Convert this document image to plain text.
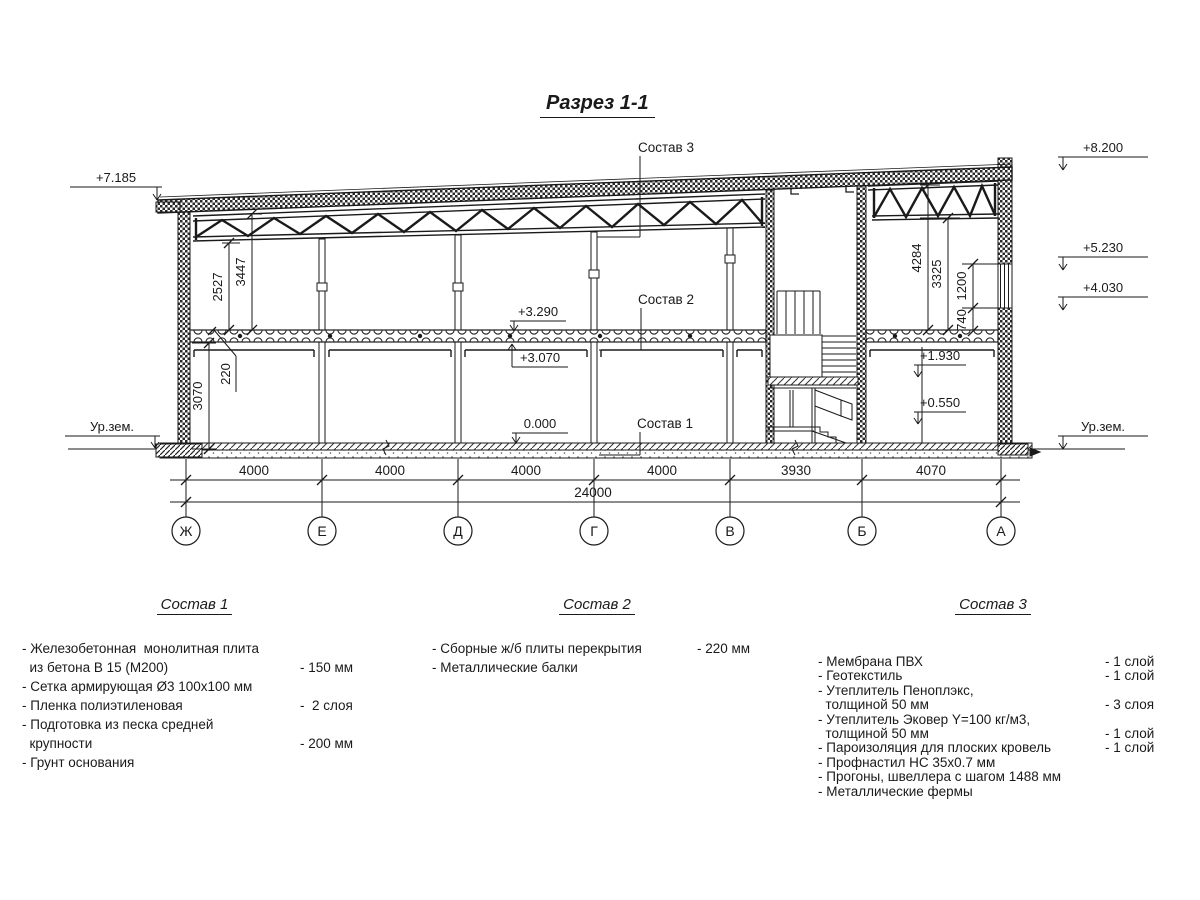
Разрез 1-1
4000	4000	4000	4000	3930	4070
24000
Ж	Е	Д	Г	В	Б	А
2527
3447
220
3070
4284
3325 1200
740
+7.185
Ур.зем.
+8.200
+5.230
+4.030
Ур.зем.
+3.290
+3.070
0.000
+1.930
+0.550
Состав 3
Состав 2
Состав 1
Состав 1
- Железобетонная  монолитная плита
из бетона В 15 (М200)	- 150 мм
- Сетка армирующая Ø3 100x100 мм
- Пленка полиэтиленовая	-  2 слоя
- Подготовка из песка средней
крупности	- 200 мм
- Грунт основания
Состав 2
- Сборные ж/б плиты перекрытия	- 220 мм
- Металлические балки
Состав 3
- Мембрана ПВХ	- 1 слой
- Геотекстиль	- 1 слой
- Утеплитель Пеноплэкс,
толщиной 50 мм	- 3 слоя
- Утеплитель Эковер Y=100 кг/м3,
толщиной 50 мм	- 1 слой
- Пароизоляция для плоских кровель	- 1 слой
- Профнастил НС 35x0.7 мм
- Прогоны, швеллера с шагом 1488 мм
- Металлические фермы
